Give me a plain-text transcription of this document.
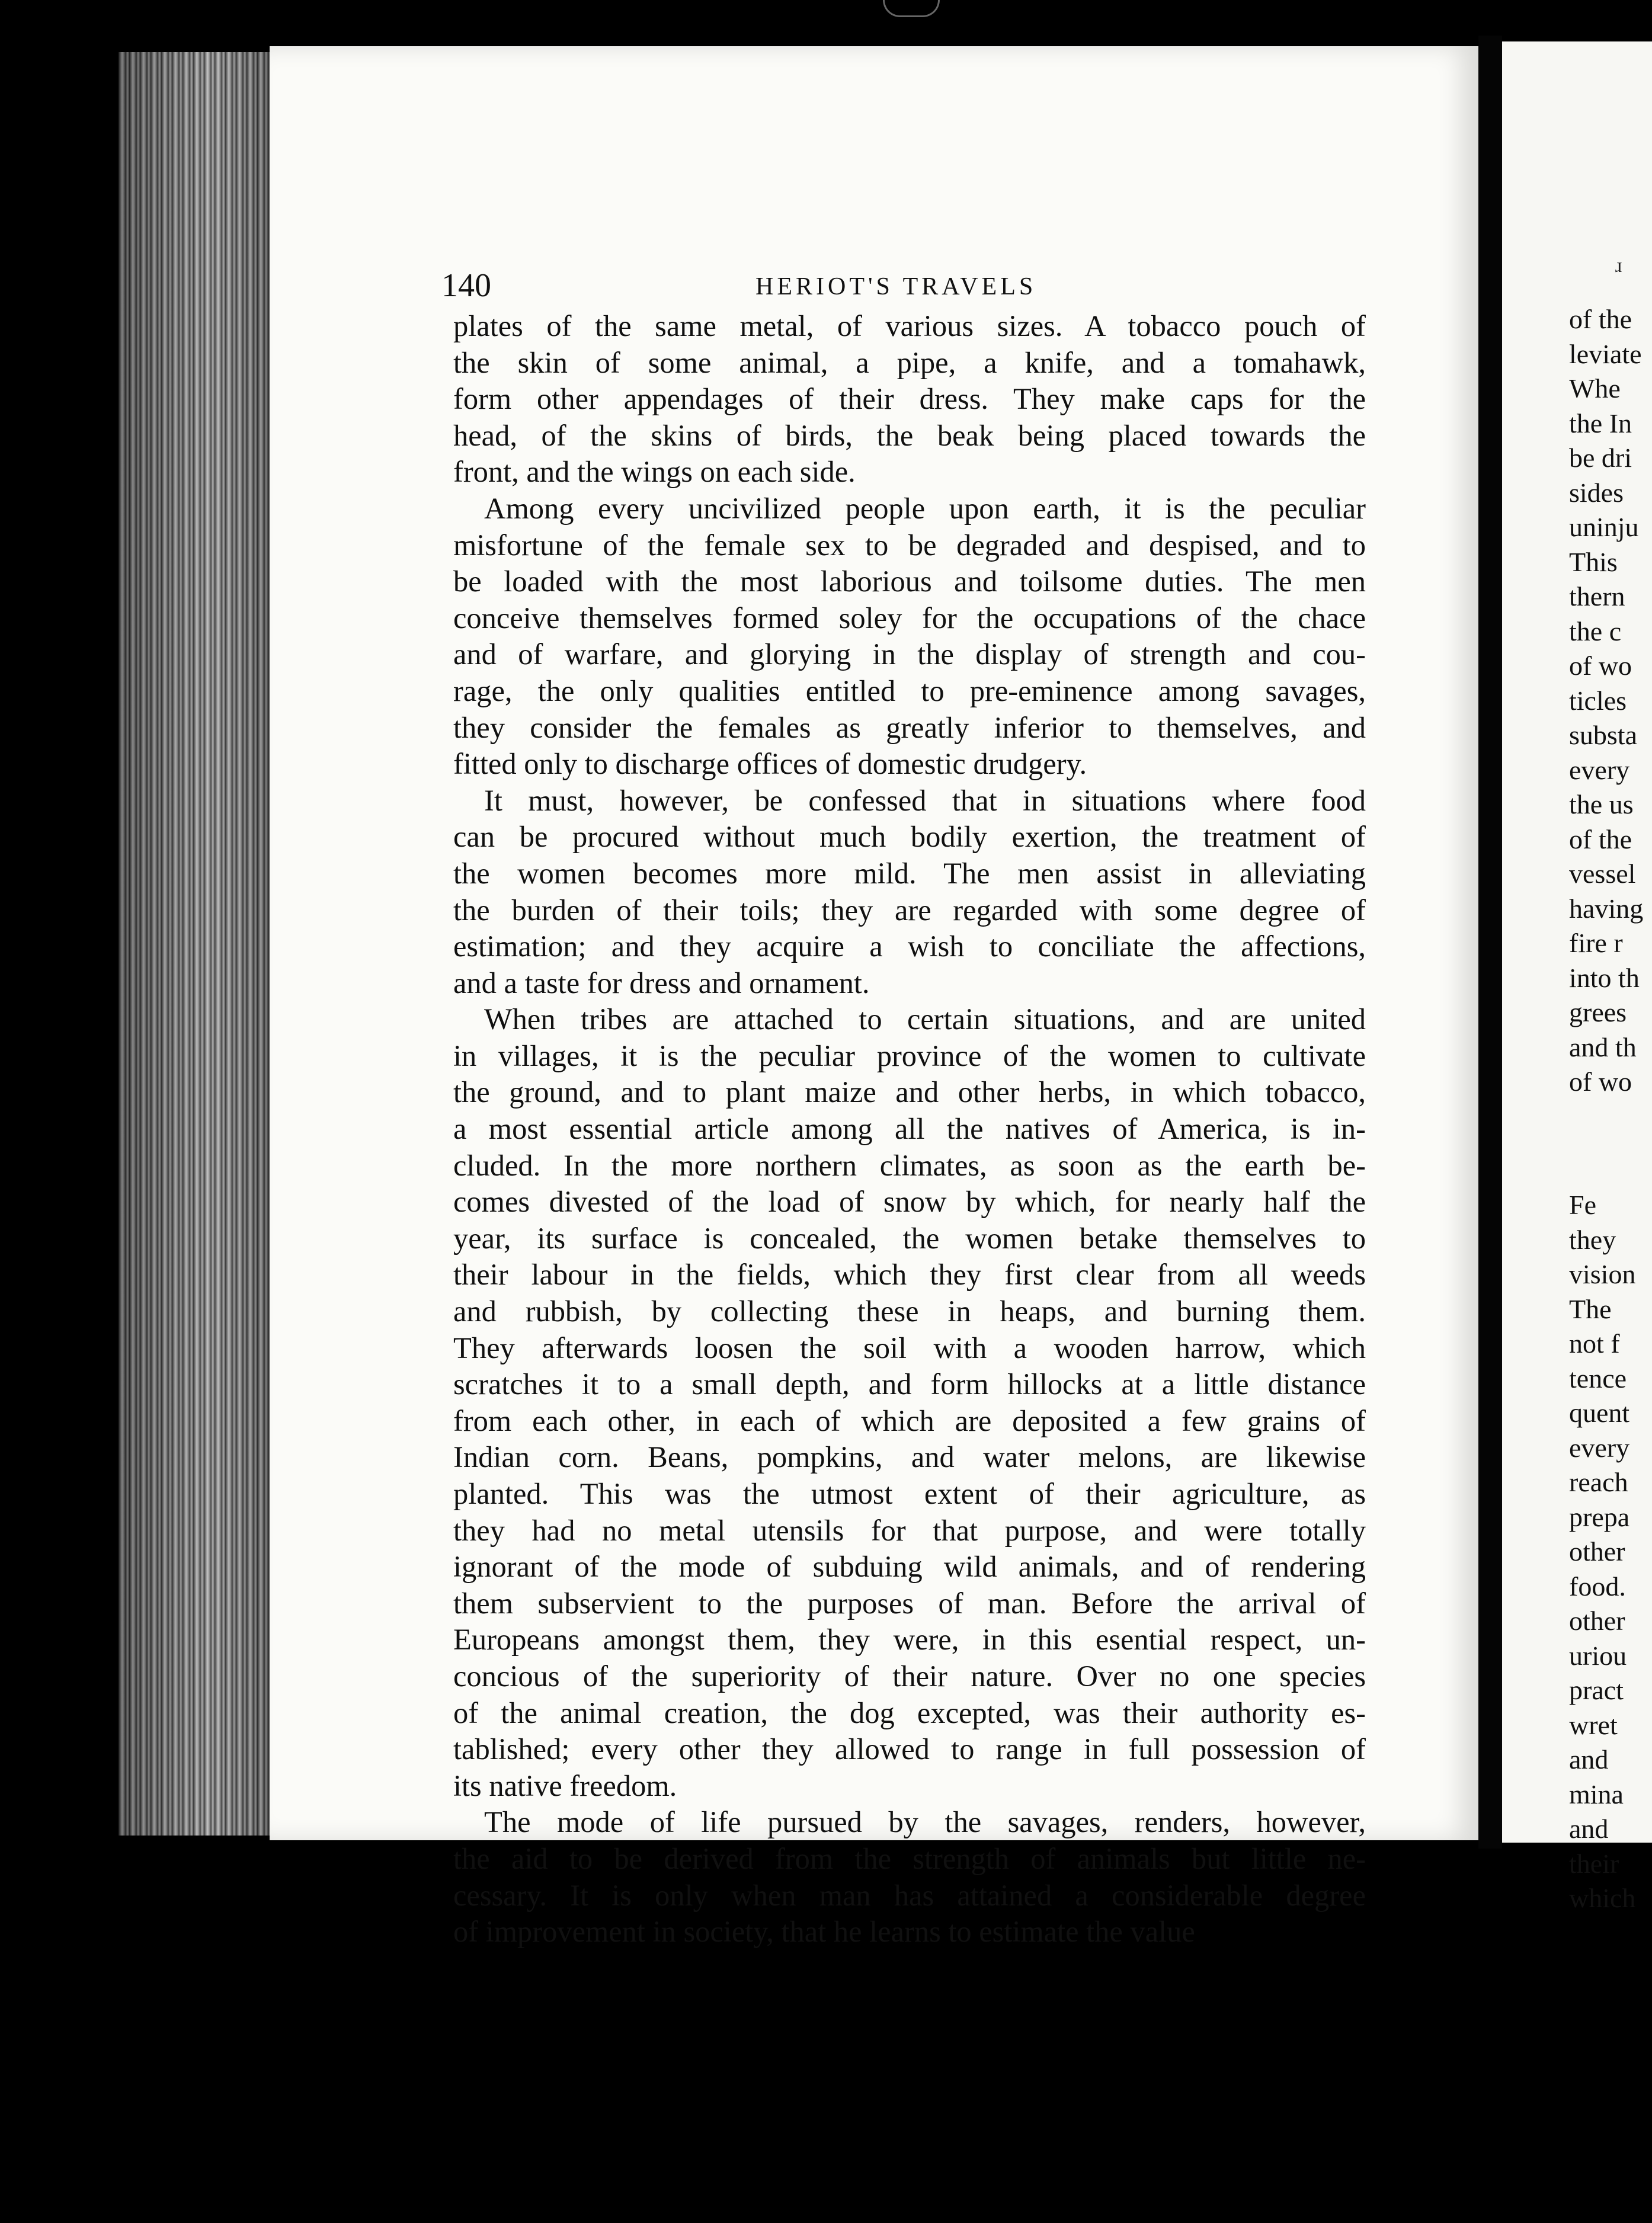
140	HERIOT'S TRAVELS
plates of the same metal, of various sizes. A tobacco pouch of
the skin of some animal, a pipe, a knife, and a tomahawk,
form other appendages of their dress. They make caps for the
head, of the skins of birds, the beak being placed towards the
front, and the wings on each side.
Among every uncivilized people upon earth, it is the peculiar
misfortune of the female sex to be degraded and despised, and to
be loaded with the most laborious and toilsome duties. The men
conceive themselves formed soley for the occupations of the chace
and of warfare, and glorying in the display of strength and cou-
rage, the only qualities entitled to pre-eminence among savages,
they consider the females as greatly inferior to themselves, and
fitted only to discharge offices of domestic drudgery.
It must, however, be confessed that in situations where food
can be procured without much bodily exertion, the treatment of
the women becomes more mild. The men assist in alleviating
the burden of their toils; they are regarded with some degree of
estimation; and they acquire a wish to conciliate the affections,
and a taste for dress and ornament.
When tribes are attached to certain situations, and are united
in villages, it is the peculiar province of the women to cultivate
the ground, and to plant maize and other herbs, in which tobacco,
a most essential article among all the natives of America, is in-
cluded. In the more northern climates, as soon as the earth be-
comes divested of the load of snow by which, for nearly half the
year, its surface is concealed, the women betake themselves to
their labour in the fields, which they first clear from all weeds
and rubbish, by collecting these in heaps, and burning them.
They afterwards loosen the soil with a wooden harrow, which
scratches it to a small depth, and form hillocks at a little distance
from each other, in each of which are deposited a few grains of
Indian corn. Beans, pompkins, and water melons, are likewise
planted. This was the utmost extent of their agriculture, as
they had no metal utensils for that purpose, and were totally
ignorant of the mode of subduing wild animals, and of rendering
them subservient to the purposes of man. Before the arrival of
Europeans amongst them, they were, in this esential respect, un-
concious of the superiority of their nature. Over no one species
of the animal creation, the dog excepted, was their authority es-
tablished; every other they allowed to range in full possession of
its native freedom.
The mode of life pursued by the savages, renders, however,
the aid to be derived from the strength of animals but little ne-
cessary. It is only when man has attained a considerable degree
of improvement in society, that he learns to estimate the value
ɹ
of the
leviate
Whe
the In
be dri
sides
uninju
This
thern
the c
of wo
ticles
substa
every
the us
of the
vessel
having
fire r
into th
grees
and th
of wo
Fe
they
vision
The
not f
tence
quent
every
reach
prepa
other
food.
other
uriou
pract
wret
and
mina
and
their
which
